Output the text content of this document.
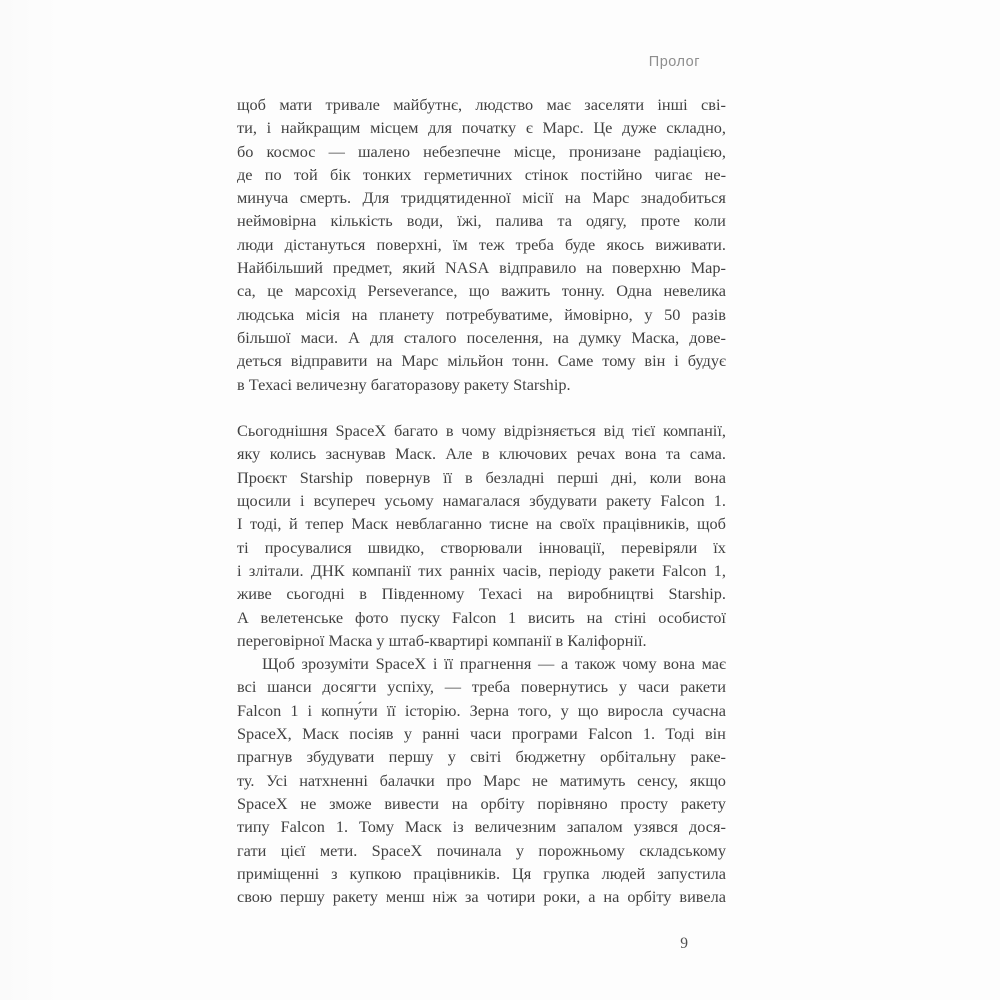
Пролог
щоб мати тривале майбутнє, людство має заселяти інші сві-
ти, і найкращим місцем для початку є Марс. Це дуже складно,
бо космос — шалено небезпечне місце, пронизане радіацією,
де по той бік тонких герметичних стінок постійно чигає не-
минуча смерть. Для тридцятиденної місії на Марс знадобиться
неймовірна кількість води, їжі, палива та одягу, проте коли
люди дістануться поверхні, їм теж треба буде якось виживати.
Найбільший предмет, який NASA відправило на поверхню Мар-
са, це марсохід Perseverance, що важить тонну. Одна невелика
людська місія на планету потребуватиме, ймовірно, у 50 разів
більшої маси. А для сталого поселення, на думку Маска, дове-
деться відправити на Марс мільйон тонн. Саме тому він і будує
в Техасі величезну багаторазову ракету Starship.
Сьогоднішня SpaceX багато в чому відрізняється від тієї компанії,
яку колись заснував Маск. Але в ключових речах вона та сама.
Проєкт Starship повернув її в безладні перші дні, коли вона
щосили і всупереч усьому намагалася збудувати ракету Falcon 1.
І тоді, й тепер Маск невблаганно тисне на своїх працівників, щоб
ті просувалися швидко, створювали інновації, перевіряли їх
і злітали. ДНК компанії тих ранніх часів, періоду ракети Falcon 1,
живе сьогодні в Південному Техасі на виробництві Starship.
А велетенське фото пуску Falcon 1 висить на стіні особистої
переговірної Маска у штаб-квартирі компанії в Каліфорнії.
Щоб зрозуміти SpaceX і її прагнення — а також чому вона має
всі шанси досягти успіху, — треба повернутись у часи ракети
Falcon 1 і копну́ти її історію. Зерна того, у що виросла сучасна
SpaceX, Маск посіяв у ранні часи програми Falcon 1. Тоді він
прагнув збудувати першу у світі бюджетну орбітальну раке-
ту. Усі натхненні балачки про Марс не матимуть сенсу, якщо
SpaceX не зможе вивести на орбіту порівняно просту ракету
типу Falcon 1. Тому Маск із величезним запалом узявся дося-
гати цієї мети. SpaceX починала у порожньому складському
приміщенні з купкою працівників. Ця групка людей запустила
свою першу ракету менш ніж за чотири роки, а на орбіту вивела
9
